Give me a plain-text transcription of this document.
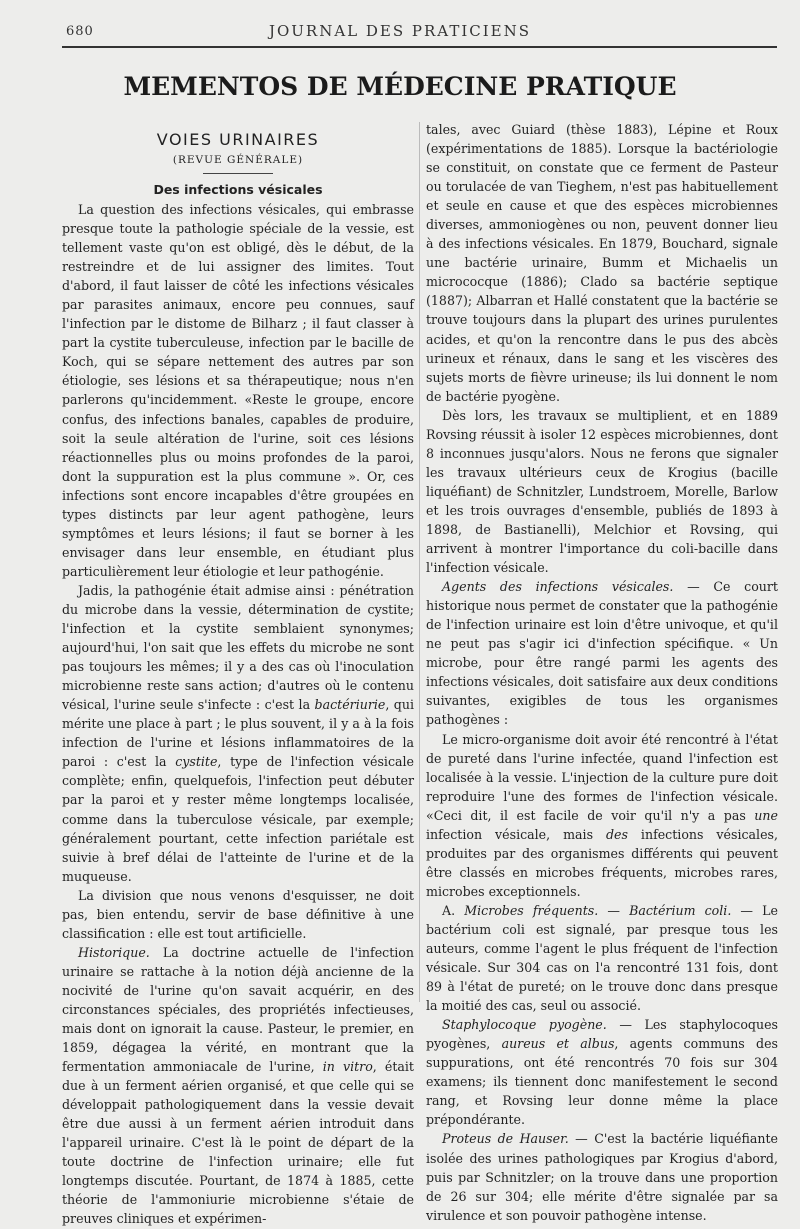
680	JOURNAL DES PRATICIENS
MEMENTOS DE MÉDECINE PRATIQUE
VOIES URINAIRES
(REVUE GÉNÉRALE)
Des infections vésicales

La question des infections vésicales, qui embrasse presque toute la pathologie spéciale de la vessie, est tellement vaste qu'on est obligé, dès le début, de la restreindre et de lui assigner des limites. Tout d'abord, il faut laisser de côté les infections vésicales par parasites animaux, encore peu connues, sauf l'infection par le distome de Bilharz ; il faut classer à part la cystite tuberculeuse, infection par le bacille de Koch, qui se sépare nettement des autres par son étiologie, ses lésions et sa thérapeutique; nous n'en parlerons qu'incidemment. «Reste le groupe, encore confus, des infections banales, capables de produire, soit la seule altération de l'urine, soit ces lésions réactionnelles plus ou moins profondes de la paroi, dont la suppuration est la plus commune ». Or, ces infections sont encore incapables d'être groupées en types distincts par leur agent pathogène, leurs symptômes et leurs lésions; il faut se borner à les envisager dans leur ensemble, en étudiant plus particulièrement leur étiologie et leur pathogénie.

Jadis, la pathogénie était admise ainsi : pénétration du microbe dans la vessie, détermination de cystite; l'infection et la cystite semblaient synonymes; aujourd'hui, l'on sait que les effets du microbe ne sont pas toujours les mêmes; il y a des cas où l'inoculation microbienne reste sans action; d'autres où le contenu vésical, l'urine seule s'infecte : c'est la bactériurie, qui mérite une place à part ; le plus souvent, il y a à la fois infection de l'urine et lésions inflammatoires de la paroi : c'est la cystite, type de l'infection vésicale complète; enfin, quelquefois, l'infection peut débuter par la paroi et y rester même longtemps localisée, comme dans la tuberculose vésicale, par exemple; généralement pourtant, cette infection pariétale est suivie à bref délai de l'atteinte de l'urine et de la muqueuse.

La division que nous venons d'esquisser, ne doit pas, bien entendu, servir de base définitive à une classification : elle est tout artificielle.

Historique. La doctrine actuelle de l'infection urinaire se rattache à la notion déjà ancienne de la nocivité de l'urine qu'on savait acquérir, en des circonstances spéciales, des propriétés infectieuses, mais dont on ignorait la cause. Pasteur, le premier, en 1859, dégagea la vérité, en montrant que la fermentation ammoniacale de l'urine, in vitro, était due à un ferment aérien organisé, et que celle qui se développait pathologiquement dans la vessie devait être due aussi à un ferment aérien introduit dans l'appareil urinaire. C'est là le point de départ de la toute doctrine de l'infection urinaire; elle fut longtemps discutée. Pourtant, de 1874 à 1885, cette théorie de l'ammoniurie microbienne s'étaie de preuves cliniques et expérimen-

tales, avec Guiard (thèse 1883), Lépine et Roux (expérimentations de 1885). Lorsque la bactériologie se constituit, on constate que ce ferment de Pasteur ou torulacée de van Tieghem, n'est pas habituellement et seule en cause et que des espèces microbiennes diverses, ammoniogènes ou non, peuvent donner lieu à des infections vésicales. En 1879, Bouchard, signale une bactérie urinaire, Bumm et Michaelis un micrococque (1886); Clado sa bactérie septique (1887); Albarran et Hallé constatent que la bactérie se trouve toujours dans la plupart des urines purulentes acides, et qu'on la rencontre dans le pus des abcès urineux et rénaux, dans le sang et les viscères des sujets morts de fièvre urineuse; ils lui donnent le nom de bactérie pyogène.

Dès lors, les travaux se multiplient, et en 1889 Rovsing réussit à isoler 12 espèces microbiennes, dont 8 inconnues jusqu'alors. Nous ne ferons que signaler les travaux ultérieurs ceux de Krogius (bacille liquéfiant) de Schnitzler, Lundstroem, Morelle, Barlow et les trois ouvrages d'ensemble, publiés de 1893 à 1898, de Bastianelli), Melchior et Rovsing, qui arrivent à montrer l'importance du coli-bacille dans l'infection vésicale.

Agents des infections vésicales. — Ce court historique nous permet de constater que la pathogénie de l'infection urinaire est loin d'être univoque, et qu'il ne peut pas s'agir ici d'infection spécifique. « Un microbe, pour être rangé parmi les agents des infections vésicales, doit satisfaire aux deux conditions suivantes, exigibles de tous les organismes pathogènes :

Le micro-organisme doit avoir été rencontré à l'état de pureté dans l'urine infectée, quand l'infection est localisée à la vessie. L'injection de la culture pure doit reproduire l'une des formes de l'infection vésicale. «Ceci dit, il est facile de voir qu'il n'y a pas une infection vésicale, mais des infections vésicales, produites par des organismes différents qui peuvent être classés en microbes fréquents, microbes rares, microbes exceptionnels.

A. Microbes fréquents. — Bactérium coli. — Le bactérium coli est signalé, par presque tous les auteurs, comme l'agent le plus fréquent de l'infection vésicale. Sur 304 cas on l'a rencontré 131 fois, dont 89 à l'état de pureté; on le trouve donc dans presque la moitié des cas, seul ou associé.

Staphylocoque pyogène. — Les staphylocoques pyogènes, aureus et albus, agents communs des suppurations, ont été rencontrés 70 fois sur 304 examens; ils tiennent donc manifestement le second rang, et Rovsing leur donne même la place prépondérante.

Proteus de Hauser. — C'est la bactérie liquéfiante isolée des urines pathologiques par Krogius d'abord, puis par Schnitzler; on la trouve dans une proportion de 26 sur 304; elle mérite d'être signalée par sa virulence et son pouvoir pathogène intense.
